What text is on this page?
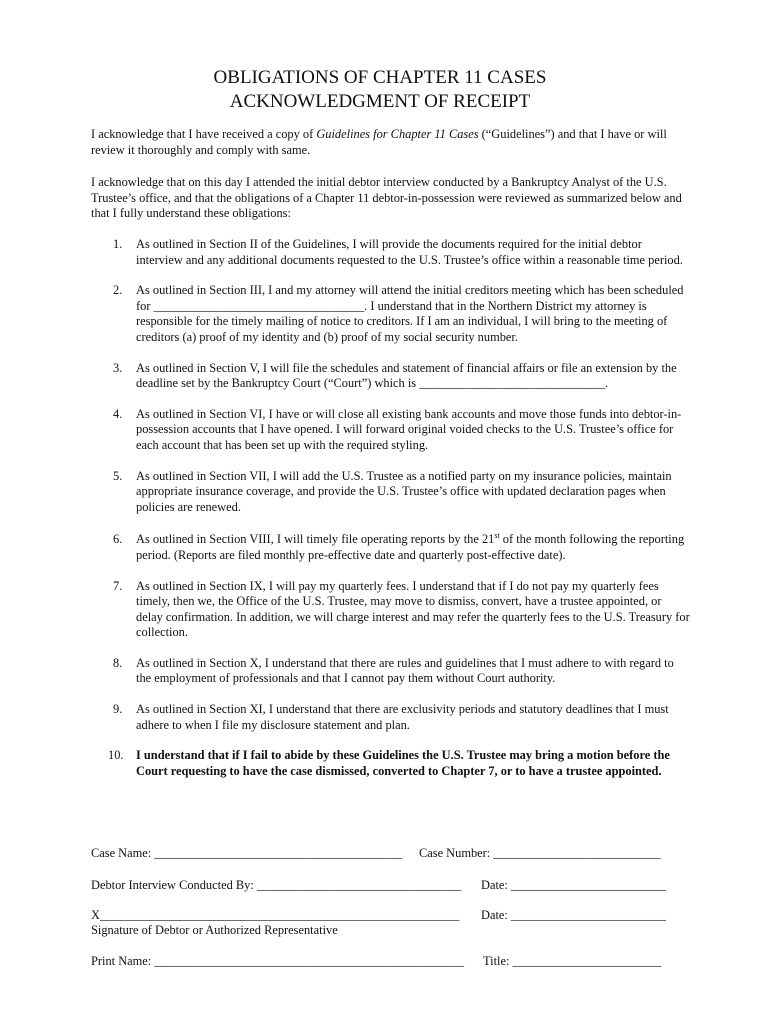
OBLIGATIONS OF CHAPTER 11 CASES
ACKNOWLEDGMENT OF RECEIPT
I acknowledge that I have received a copy of Guidelines for Chapter 11 Cases (“Guidelines”) and that I have or will review it thoroughly and comply with same.
I acknowledge that on this day I attended the initial debtor interview conducted by a Bankruptcy Analyst of the U.S. Trustee’s office, and that the obligations of a Chapter 11 debtor-in-possession were reviewed as summarized below and that I fully understand these obligations:
1. As outlined in Section II of the Guidelines, I will provide the documents required for the initial debtor interview and any additional documents requested to the U.S. Trustee’s office within a reasonable time period.
2. As outlined in Section III, I and my attorney will attend the initial creditors meeting which has been scheduled for __________________________________. I understand that in the Northern District my attorney is responsible for the timely mailing of notice to creditors. If I am an individual, I will bring to the meeting of creditors (a) proof of my identity and (b) proof of my social security number.
3. As outlined in Section V, I will file the schedules and statement of financial affairs or file an extension by the deadline set by the Bankruptcy Court (“Court”) which is ______________________________.
4. As outlined in Section VI, I have or will close all existing bank accounts and move those funds into debtor-in-possession accounts that I have opened. I will forward original voided checks to the U.S. Trustee’s office for each account that has been set up with the required styling.
5. As outlined in Section VII, I will add the U.S. Trustee as a notified party on my insurance policies, maintain appropriate insurance coverage, and provide the U.S. Trustee’s office with updated declaration pages when policies are renewed.
6. As outlined in Section VIII, I will timely file operating reports by the 21st of the month following the reporting period. (Reports are filed monthly pre-effective date and quarterly post-effective date).
7. As outlined in Section IX, I will pay my quarterly fees. I understand that if I do not pay my quarterly fees timely, then we, the Office of the U.S. Trustee, may move to dismiss, convert, have a trustee appointed, or delay confirmation. In addition, we will charge interest and may refer the quarterly fees to the U.S. Treasury for collection.
8. As outlined in Section X, I understand that there are rules and guidelines that I must adhere to with regard to the employment of professionals and that I cannot pay them without Court authority.
9. As outlined in Section XI, I understand that there are exclusivity periods and statutory deadlines that I must adhere to when I file my disclosure statement and plan.
10. I understand that if I fail to abide by these Guidelines the U.S. Trustee may bring a motion before the Court requesting to have the case dismissed, converted to Chapter 7, or to have a trustee appointed.
Case Name: ________________________________________ Case Number: ___________________________
Debtor Interview Conducted By: _________________________________ Date: _________________________
X__________________________________________________________ Date: _________________________
Signature of Debtor or Authorized Representative
Print Name: __________________________________________________ Title: ________________________
